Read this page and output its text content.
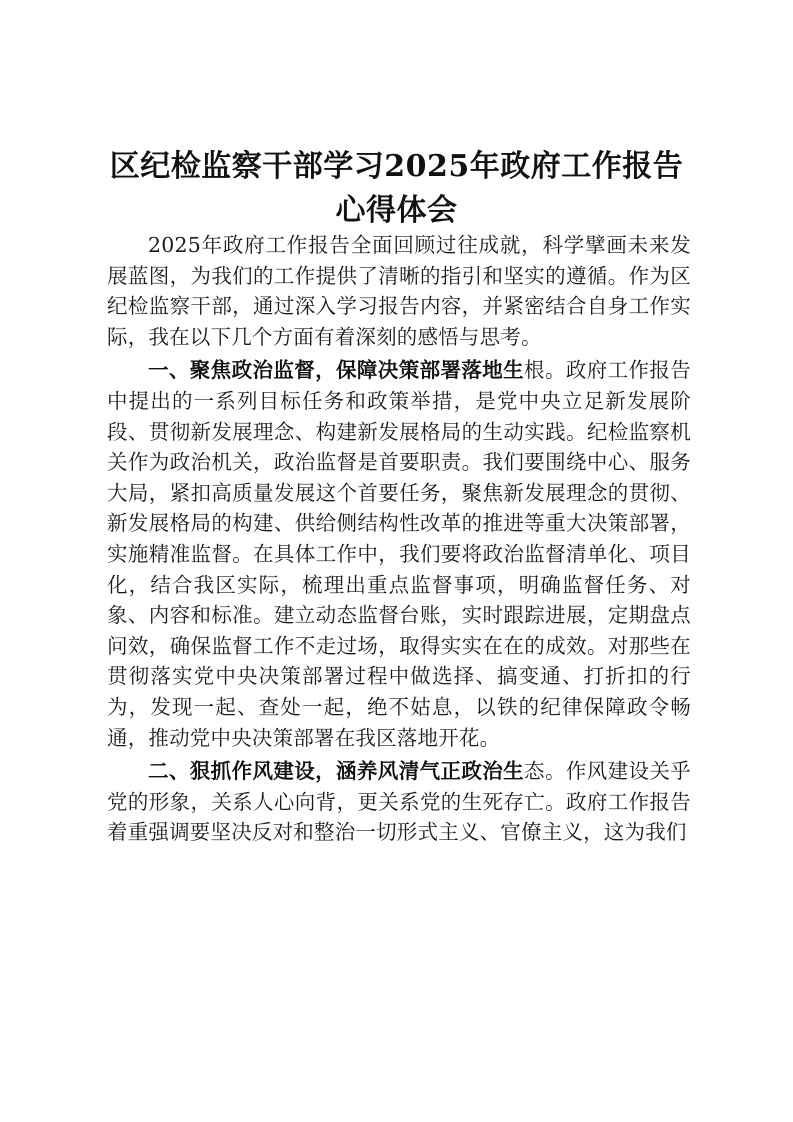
区纪检监察干部学习2025年政府工作报告心得体会

2025年政府工作报告全面回顾过往成就，科学擘画未来发展蓝图，为我们的工作提供了清晰的指引和坚实的遵循。作为区纪检监察干部，通过深入学习报告内容，并紧密结合自身工作实际，我在以下几个方面有着深刻的感悟与思考。

一、聚焦政治监督，保障决策部署落地生根。政府工作报告中提出的一系列目标任务和政策举措，是党中央立足新发展阶段、贯彻新发展理念、构建新发展格局的生动实践。纪检监察机关作为政治机关，政治监督是首要职责。我们要围绕中心、服务大局，紧扣高质量发展这个首要任务，聚焦新发展理念的贯彻、新发展格局的构建、供给侧结构性改革的推进等重大决策部署，实施精准监督。在具体工作中，我们要将政治监督清单化、项目化，结合我区实际，梳理出重点监督事项，明确监督任务、对象、内容和标准。建立动态监督台账，实时跟踪进展，定期盘点问效，确保监督工作不走过场，取得实实在在的成效。对那些在贯彻落实党中央决策部署过程中做选择、搞变通、打折扣的行为，发现一起、查处一起，绝不姑息，以铁的纪律保障政令畅通，推动党中央决策部署在我区落地开花。

二、狠抓作风建设，涵养风清气正政治生态。作风建设关乎党的形象，关系人心向背，更关系党的生死存亡。政府工作报告着重强调要坚决反对和整治一切形式主义、官僚主义，这为我们
